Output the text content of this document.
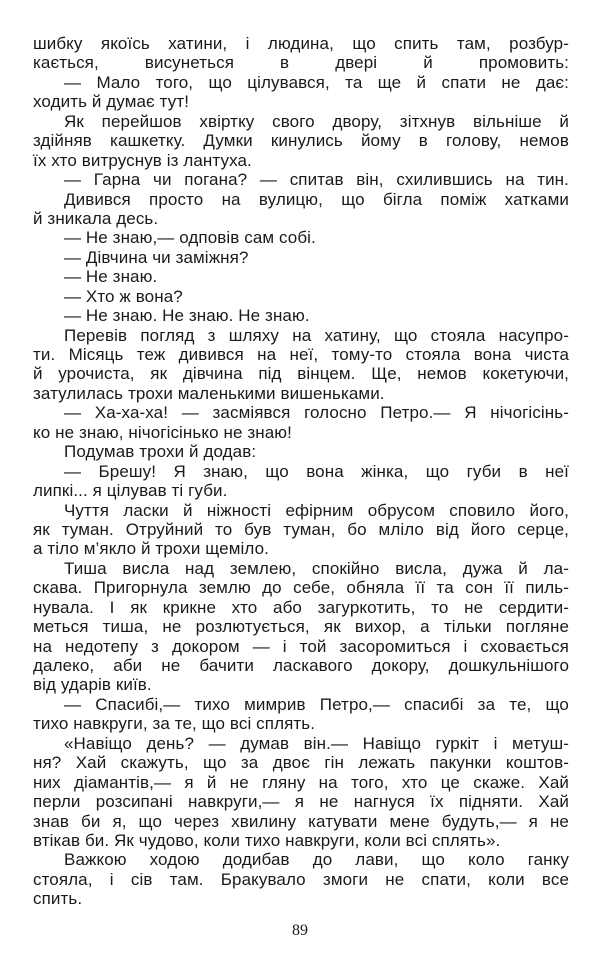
шибку якоїсь хатини, і людина, що спить там, розбур-
кається, висунеться в двері й промовить:
— Мало того, що цілувався, та ще й спати не дає:
ходить й думає тут!
Як перейшов хвіртку свого двору, зітхнув вільніше й
здійняв кашкетку. Думки кинулись йому в голову, немов
їх хто витруснув із лантуха.
— Гарна чи погана? — спитав він, схилившись на тин.
Дивився просто на вулицю, що бігла поміж хатками
й зникала десь.
— Не знаю,— одповів сам собі.
— Дівчина чи заміжня?
— Не знаю.
— Хто ж вона?
— Не знаю. Не знаю. Не знаю.
Перевів погляд з шляху на хатину, що стояла насупро-
ти. Місяць теж дивився на неї, тому-то стояла вона чиста
й урочиста, як дівчина під вінцем. Ще, немов кокетуючи,
затулилась трохи маленькими вишеньками.
— Ха-ха-ха! — засміявся голосно Петро.— Я нічогісінь-
ко не знаю, нічогісінько не знаю!
Подумав трохи й додав:
— Брешу! Я знаю, що вона жінка, що губи в неї
липкі... я цілував ті губи.
Чуття ласки й ніжності ефірним обрусом сповило його,
як туман. Отруйний то був туман, бо мліло від його серце,
а тіло м’якло й трохи щеміло.
Тиша висла над землею, спокійно висла, дужа й ла-
скава. Пригорнула землю до себе, обняла її та сон її пиль-
нувала. І як крикне хто або загуркотить, то не сердити-
меться тиша, не розлютується, як вихор, а тільки погляне
на недотепу з докором — і той засоромиться і сховається
далеко, аби не бачити ласкавого докору, дошкульнішого
від ударів київ.
— Спасибі,— тихо мимрив Петро,— спасибі за те, що
тихо навкруги, за те, що всі сплять.
«Навіщо день? — думав він.— Навіщо гуркіт і метуш-
ня? Хай скажуть, що за двоє гін лежать пакунки коштов-
них діамантів,— я й не гляну на того, хто це скаже. Хай
перли розсипані навкруги,— я не нагнуся їх підняти. Хай
знав би я, що через хвилину катувати мене будуть,— я не
втікав би. Як чудово, коли тихо навкруги, коли всі сплять».
Важкою ходою додибав до лави, що коло ганку
стояла, і сів там. Бракувало змоги не спати, коли все
спить.
89
